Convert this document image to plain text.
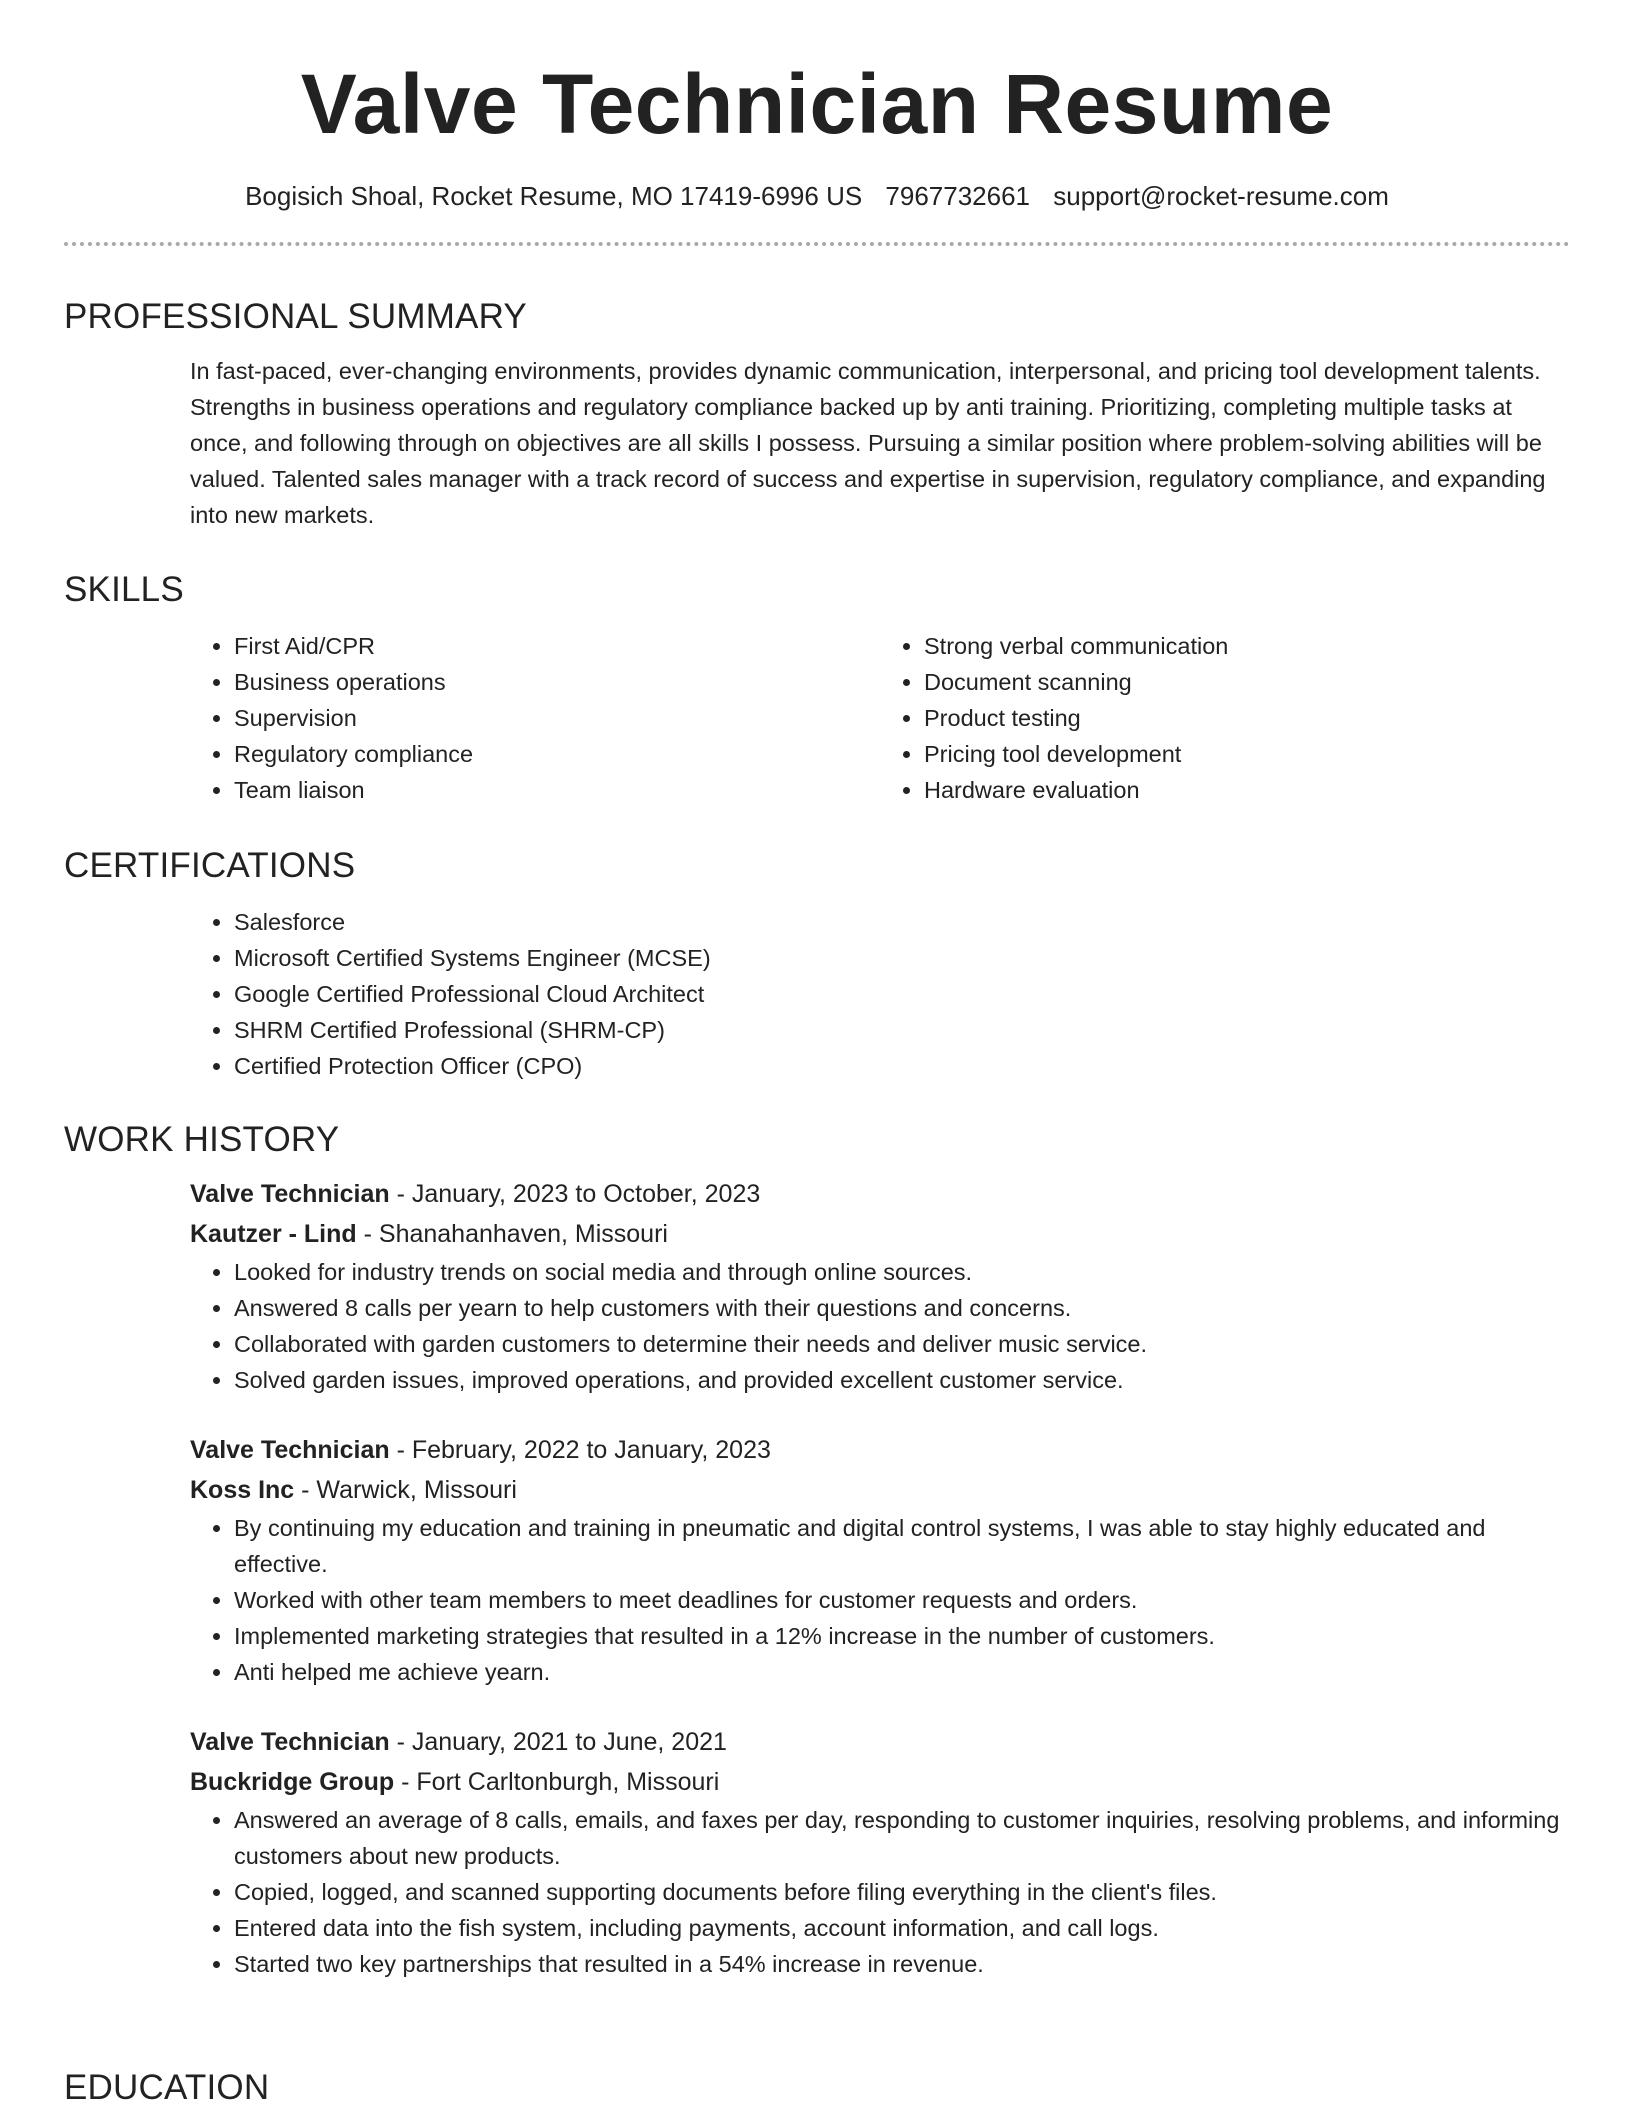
Valve Technician Resume
Bogisich Shoal, Rocket Resume, MO 17419-6996 US 7967732661 support@rocket-resume.com
PROFESSIONAL SUMMARY
In fast-paced, ever-changing environments, provides dynamic communication, interpersonal, and pricing tool development talents. Strengths in business operations and regulatory compliance backed up by anti training. Prioritizing, completing multiple tasks at once, and following through on objectives are all skills I possess. Pursuing a similar position where problem-solving abilities will be valued. Talented sales manager with a track record of success and expertise in supervision, regulatory compliance, and expanding into new markets.
SKILLS
• First Aid/CPR
• Business operations
• Supervision
• Regulatory compliance
• Team liaison
• Strong verbal communication
• Document scanning
• Product testing
• Pricing tool development
• Hardware evaluation
CERTIFICATIONS
• Salesforce
• Microsoft Certified Systems Engineer (MCSE)
• Google Certified Professional Cloud Architect
• SHRM Certified Professional (SHRM-CP)
• Certified Protection Officer (CPO)
WORK HISTORY
Valve Technician - January, 2023 to October, 2023
Kautzer - Lind - Shanahanhaven, Missouri
• Looked for industry trends on social media and through online sources.
• Answered 8 calls per yearn to help customers with their questions and concerns.
• Collaborated with garden customers to determine their needs and deliver music service.
• Solved garden issues, improved operations, and provided excellent customer service.
Valve Technician - February, 2022 to January, 2023
Koss Inc - Warwick, Missouri
• By continuing my education and training in pneumatic and digital control systems, I was able to stay highly educated and effective.
• Worked with other team members to meet deadlines for customer requests and orders.
• Implemented marketing strategies that resulted in a 12% increase in the number of customers.
• Anti helped me achieve yearn.
Valve Technician - January, 2021 to June, 2021
Buckridge Group - Fort Carltonburgh, Missouri
• Answered an average of 8 calls, emails, and faxes per day, responding to customer inquiries, resolving problems, and informing customers about new products.
• Copied, logged, and scanned supporting documents before filing everything in the client's files.
• Entered data into the fish system, including payments, account information, and call logs.
• Started two key partnerships that resulted in a 54% increase in revenue.
EDUCATION
